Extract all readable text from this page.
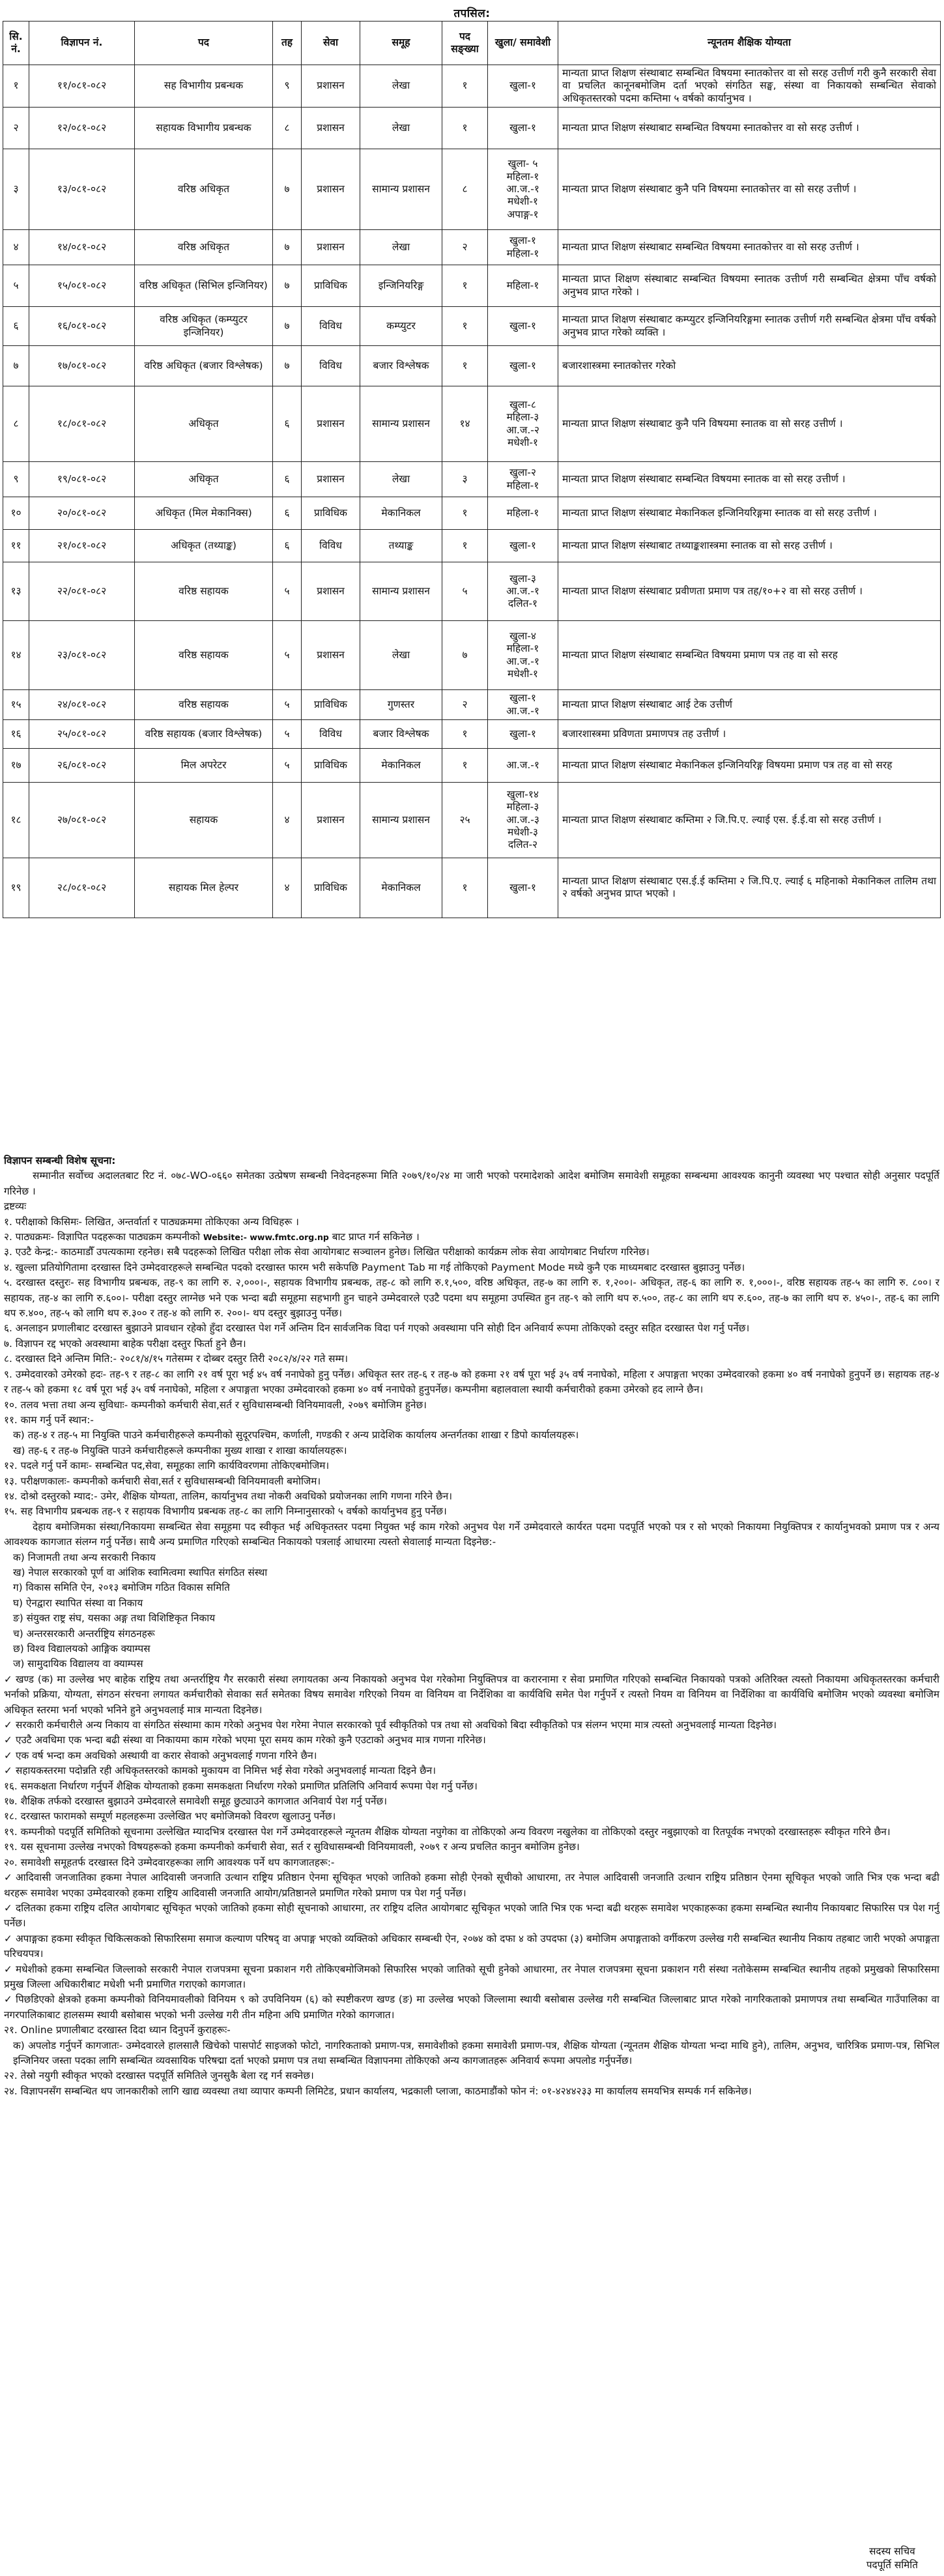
तपसिल:
सि. नं.	विज्ञापन नं.	पद	तह	सेवा	समूह	पद सङ्ख्या	खुला/ समावेशी	न्यूनतम शैक्षिक योग्यता
१	११/०८१-०८२	सह विभागीय प्रबन्धक	९	प्रशासन	लेखा	१	खुला-१	मान्यता प्राप्त शिक्षण संस्थाबाट सम्बन्धित विषयमा स्नातकोत्तर वा सो सरह उत्तीर्ण गरी कुनै सरकारी सेवा वा प्रचलित कानूनबमोजिम दर्ता भएको संगठित सङ्घ, संस्था वा निकायको सम्बन्धित सेवाको अधिकृतस्तरको पदमा कम्तिमा ५ वर्षको कार्यानुभव ।
२	१२/०८१-०८२	सहायक विभागीय प्रबन्धक	८	प्रशासन	लेखा	१	खुला-१	मान्यता प्राप्त शिक्षण संस्थाबाट सम्बन्धित विषयमा स्नातकोत्तर वा सो सरह उत्तीर्ण ।
३	१३/०८१-०८२	वरिष्ठ अधिकृत	७	प्रशासन	सामान्य प्रशासन	८	खुला- ५ महिला-१ आ.ज.-१ मधेशी-१ अपाङ्ग-१	मान्यता प्राप्त शिक्षण संस्थाबाट कुनै पनि विषयमा स्नातकोत्तर वा सो सरह उत्तीर्ण ।
४	१४/०८१-०८२	वरिष्ठ अधिकृत	७	प्रशासन	लेखा	२	खुला-१ महिला-१	मान्यता प्राप्त शिक्षण संस्थाबाट सम्बन्धित विषयमा स्नातकोत्तर वा सो सरह उत्तीर्ण ।
५	१५/०८१-०८२	वरिष्ठ अधिकृत (सिभिल इन्जिनियर)	७	प्राविधिक	इन्जिनियरिङ्ग	१	महिला-१	मान्यता प्राप्त शिक्षण संस्थाबाट सम्बन्धित विषयमा स्नातक उत्तीर्ण गरी सम्बन्धित क्षेत्रमा पाँच वर्षको अनुभव प्राप्त गरेको ।
६	१६/०८१-०८२	वरिष्ठ अधिकृत (कम्प्युटर इन्जिनियर)	७	विविध	कम्प्युटर	१	खुला-१	मान्यता प्राप्त शिक्षण संस्थाबाट कम्प्युटर इन्जिनियरिङ्गमा स्नातक उत्तीर्ण गरी सम्बन्धित क्षेत्रमा पाँच वर्षको अनुभव प्राप्त गरेको व्यक्ति ।
७	१७/०८१-०८२	वरिष्ठ अधिकृत (बजार विश्लेषक)	७	विविध	बजार विश्लेषक	१	खुला-१	बजारशास्त्रमा स्नातकोत्तर गरेको
८	१८/०८१-०८२	अधिकृत	६	प्रशासन	सामान्य प्रशासन	१४	खुला-८ महिला-३ आ.ज.-२ मधेशी-१	मान्यता प्राप्त शिक्षण संस्थाबाट कुनै पनि विषयमा स्नातक वा सो सरह उत्तीर्ण ।
९	१९/०८१-०८२	अधिकृत	६	प्रशासन	लेखा	३	खुला-२ महिला-१	मान्यता प्राप्त शिक्षण संस्थाबाट सम्बन्धित विषयमा स्नातक वा सो सरह उत्तीर्ण ।
१०	२०/०८१-०८२	अधिकृत (मिल मेकानिक्स)	६	प्राविधिक	मेकानिकल	१	महिला-१	मान्यता प्राप्त शिक्षण संस्थाबाट मेकानिकल इन्जिनियरिङ्गमा स्नातक वा सो सरह उत्तीर्ण ।
११	२१/०८१-०८२	अधिकृत (तथ्याङ्क)	६	विविध	तथ्याङ्क	१	खुला-१	मान्यता प्राप्त शिक्षण संस्थाबाट तथ्याङ्कशास्त्रमा स्नातक वा सो सरह उत्तीर्ण ।
१३	२२/०८१-०८२	वरिष्ठ सहायक	५	प्रशासन	सामान्य प्रशासन	५	खुला-३ आ.ज.-१ दलित-१	मान्यता प्राप्त शिक्षण संस्थाबाट प्रवीणता प्रमाण पत्र तह/१०+२ वा सो सरह उत्तीर्ण ।
१४	२३/०८१-०८२	वरिष्ठ सहायक	५	प्रशासन	लेखा	७	खुला-४ महिला-१ आ.ज.-१ मधेशी-१	मान्यता प्राप्त शिक्षण संस्थाबाट सम्बन्धित विषयमा प्रमाण पत्र तह वा सो सरह
१५	२४/०८१-०८२	वरिष्ठ सहायक	५	प्राविधिक	गुणस्तर	२	खुला-१ आ.ज.-१	मान्यता प्राप्त शिक्षण संस्थाबाट आई टेक उत्तीर्ण
१६	२५/०८१-०८२	वरिष्ठ सहायक (बजार विश्लेषक)	५	विविध	बजार विश्लेषक	१	खुला-१	बजारशास्त्रमा प्रविणता प्रमाणपत्र तह उत्तीर्ण ।
१७	२६/०८१-०८२	मिल अपरेटर	५	प्राविधिक	मेकानिकल	१	आ.ज.-१	मान्यता प्राप्त शिक्षण संस्थाबाट मेकानिकल इन्जिनियरिङ्ग विषयमा प्रमाण पत्र तह वा सो सरह
१८	२७/०८१-०८२	सहायक	४	प्रशासन	सामान्य प्रशासन	२५	खुला-१४ महिला-३ आ.ज.-३ मधेशी-३ दलित-२	मान्यता प्राप्त शिक्षण संस्थाबाट कम्तिमा २ जि.पि.ए. ल्याई एस. ई.ई.वा सो सरह उत्तीर्ण ।
१९	२८/०८१-०८२	सहायक मिल हेल्पर	४	प्राविधिक	मेकानिकल	१	खुला-१	मान्यता प्राप्त शिक्षण संस्थाबाट एस.ई.ई कम्तिमा २ जि.पि.ए. ल्याई ६ महिनाको मेकानिकल तालिम तथा २ वर्षको अनुभव प्राप्त भएको ।

विज्ञापन सम्बन्धी विशेष सूचना:

सम्मानीत सर्वोच्च अदालतबाट रिट नं. ०७८-WO-०६६० समेतका उत्प्रेषण सम्बन्धी निवेदनहरूमा मिति २०७९/१०/२४ मा जारी भएको परमादेशको आदेश बमोजिम समावेशी समूहका सम्बन्धमा आवश्यक कानुनी व्यवस्था भए पश्चात सोही अनुसार पदपूर्ति गरिनेछ ।

द्रष्टव्यः

१. परीक्षाको किसिमः- लिखित, अन्तर्वार्ता र पाठ्यक्रममा तोकिएका अन्य विधिहरू ।

२. पाठ्यक्रमः- विज्ञापित पदहरूका पाठ्यक्रम कम्पनीको Website:- www.fmtc.org.np बाट प्राप्त गर्न सकिनेछ ।

३. एउटै केन्द्र:- काठमाडौँ उपत्यकामा रहनेछ। सबै पदहरूको लिखित परीक्षा लोक सेवा आयोगबाट सञ्चालन हुनेछ। लिखित परीक्षाको कार्यक्रम लोक सेवा आयोगबाट निर्धारण गरिनेछ।

४. खुल्ला प्रतियोगितामा दरखास्त दिने उम्मेदवारहरूले सम्बन्धित पदको दरखास्त फारम भरी सकेपछि Payment Tab मा गई तोकिएको Payment Mode मध्ये कुनै एक माध्यमबाट दरखास्त बुझाउनु पर्नेछ।

५. दरखास्त दस्तुरः- सह विभागीय प्रबन्धक, तह-९ का लागि रु. २,०००।-, सहायक विभागीय प्रबन्धक, तह-८ को लागि रु.१,५००, वरिष्ठ अधिकृत, तह-७ का लागि रु. १,२००।- अधिकृत, तह-६ का लागि रु. १,०००।-, वरिष्ठ सहायक तह-५ का लागि रु. ८००। र सहायक, तह-४ का लागि रु.६००।- परीक्षा दस्तुर लाग्नेछ भने एक भन्दा बढी समूहमा सहभागी हुन चाहने उम्मेदवारले एउटै पदमा थप समूहमा उपस्थित हुन तह-९ को लागि थप रु.५००, तह-८ का लागि थप रु.६००, तह-७ का लागि थप रु. ४५०।-, तह-६ का लागि थप रु.४००, तह-५ को लागि थप रु.३०० र तह-४ को लागि रु. २००।- थप दस्तुर बुझाउनु पर्नेछ।

६. अनलाइन प्रणालीबाट दरखास्त बुझाउने प्रावधान रहेको हुँदा दरखास्त पेश गर्ने अन्तिम दिन सार्वजनिक विदा पर्न गएको अवस्थामा पनि सोही दिन अनिवार्य रूपमा तोकिएको दस्तुर सहित दरखास्त पेश गर्नु पर्नेछ।

७. विज्ञापन रद्द भएको अवस्थामा बाहेक परीक्षा दस्तुर फिर्ता हुने छैन।

८. दरखास्त दिने अन्तिम मिति:- २०८१/४/१५ गतेसम्म र दोब्बर दस्तुर तिरी २०८२/४/२२ गते सम्म।

९. उम्मेदवारको उमेरको हदः- तह-९ र तह-८ का लागि २१ वर्ष पूरा भई ४५ वर्ष ननाघेको हुनु पर्नेछ। अधिकृत स्तर तह-६ र तह-७ को हकमा २१ वर्ष पूरा भई ३५ वर्ष ननाघेको, महिला र अपाङ्गता भएका उम्मेदवारको हकमा ४० वर्ष ननाघेको हुनुपर्ने छ। सहायक तह-४ र तह-५ को हकमा १८ वर्ष पूरा भई ३५ वर्ष ननाघेको, महिला र अपाङ्गता भएका उम्मेदवारको हकमा ४० वर्ष ननाघेको हुनुपर्नेछ। कम्पनीमा बहालवाला स्थायी कर्मचारीको हकमा उमेरको हद लाग्ने छैन।

१०. तलव भत्ता तथा अन्य सुविधाः- कम्पनीको कर्मचारी सेवा,सर्त र सुविधासम्बन्धी विनियमावली, २०७९ बमोजिम हुनेछ।

११. काम गर्नु पर्ने स्थान:-

क) तह-४ र तह-५ मा नियुक्ति पाउने कर्मचारीहरूले कम्पनीको सुदूरपश्चिम, कर्णाली, गण्डकी र अन्य प्रादेशिक कार्यालय अन्तर्गतका शाखा र डिपो कार्यालयहरू।

ख) तह-६ र तह-७ नियुक्ति पाउने कर्मचारीहरूले कम्पनीका मुख्य शाखा र शाखा कार्यालयहरू।

१२. पदले गर्नु पर्ने कामः- सम्बन्धित पद,सेवा, समूहका लागि कार्यविवरणमा तोकिएबमोजिम।

१३. परीक्षणकालः- कम्पनीको कर्मचारी सेवा,सर्त र सुविधासम्बन्धी विनियमावली बमोजिम।

१४. दोश्रो दस्तुरको म्याद:- उमेर, शैक्षिक योग्यता, तालिम, कार्यानुभव तथा नोकरी अवधिको प्रयोजनका लागि गणना गरिने छैन।

१५. सह विभागीय प्रबन्धक तह-९ र सहायक विभागीय प्रबन्धक तह-८ का लागि निम्नानुसारको ५ वर्षको कार्यानुभव हुनु पर्नेछ।

देहाय बमोजिमका संस्था/निकायमा सम्बन्धित सेवा समूहमा पद स्वीकृत भई अधिकृतस्तर पदमा नियुक्त भई काम गरेको अनुभव पेश गर्ने उम्मेदवारले कार्यरत पदमा पदपूर्ति भएको पत्र र सो भएको निकायमा नियुक्तिपत्र र कार्यानुभवको प्रमाण पत्र र अन्य आवश्यक कागजात संलग्न गर्नु पर्नेछ। साथै अन्य प्रमाणित गरिएको सम्बन्धित निकायको पत्रलाई आधारमा त्यस्तो सेवालाई मान्यता दिइनेछ:-

क) निजामती तथा अन्य सरकारी निकाय

ख) नेपाल सरकारको पूर्ण वा आंशिक स्वामित्वमा स्थापित संगठित संस्था

ग) विकास समिति ऐन, २०१३ बमोजिम गठित विकास समिति

घ) ऐनद्वारा स्थापित संस्था वा निकाय

ङ) संयुक्त राष्ट्र संघ, यसका अङ्ग तथा विशिष्टिकृत निकाय

च) अन्तरसरकारी अन्तर्राष्ट्रिय संगठनहरू

छ) विश्व विद्यालयको आङ्गिक क्याम्पस

ज) सामुदायिक विद्यालय वा क्याम्पस

✓ खण्ड (क) मा उल्लेख भए बाहेक राष्ट्रिय तथा अन्तर्राष्ट्रिय गैर सरकारी संस्था लगायतका अन्य निकायको अनुभव पेश गरेकोमा नियुक्तिपत्र वा करारनामा र सेवा प्रमाणित गरिएको सम्बन्धित निकायको पत्रको अतिरिक्त त्यस्तो निकायमा अधिकृतस्तरका कर्मचारी भर्नाको प्रक्रिया, योग्यता, संगठन संरचना लगायत कर्मचारीको सेवाका सर्त समेतका विषय समावेश गरिएको नियम वा विनियम वा निर्देशिका वा कार्यविधि समेत पेश गर्नुपर्ने र त्यस्तो नियम वा विनियम वा निर्देशिका वा कार्यविधि बमोजिम भएको व्यवस्था बमोजिम अधिकृत स्तरमा भर्ना भएको भनिने हुने अनुभवलाई मात्र मान्यता दिइनेछ।

✓ सरकारी कर्मचारीले अन्य निकाय वा संगठित संस्थामा काम गरेको अनुभव पेश गरेमा नेपाल सरकारको पूर्व स्वीकृतिको पत्र तथा सो अवधिको बिदा स्वीकृतिको पत्र संलग्न भएमा मात्र त्यस्तो अनुभवलाई मान्यता दिइनेछ।

✓ एउटै अवधिमा एक भन्दा बढी संस्था वा निकायमा काम गरेको भएमा पूरा समय काम गरेको कुनै एउटाको अनुभव मात्र गणना गरिनेछ।

✓ एक वर्ष भन्दा कम अवधिको अस्थायी वा करार सेवाको अनुभवलाई गणना गरिने छैन।

✓ सहायकस्तरमा पदोन्नति रही अधिकृतस्तरको कामको मुकायम वा निमित्त भई सेवा गरेको अनुभवलाई मान्यता दिइने छैन।

१६. समकक्षता निर्धारण गर्नुपर्ने शैक्षिक योग्यताको हकमा समकक्षता निर्धारण गरेको प्रमाणित प्रतिलिपि अनिवार्य रूपमा पेश गर्नु पर्नेछ।

१७. शैक्षिक तर्फको दरखास्त बुझाउने उम्मेदवारले समावेशी समूह छुट्याउने कागजात अनिवार्य पेश गर्नु पर्नेछ।

१८. दरखास्त फारामको सम्पूर्ण महलहरूमा उल्लेखित भए बमोजिमको विवरण खुलाउनु पर्नेछ।

१९. कम्पनीको पदपूर्ति समितिको सूचनामा उल्लेखित म्यादभित्र दरखास्त पेश गर्ने उम्मेदवारहरूले न्यूनतम शैक्षिक योग्यता नपुगेका वा तोकिएको अन्य विवरण नखुलेका वा तोकिएको दस्तुर नबुझाएको वा रितपूर्वक नभएको दरखास्तहरू स्वीकृत गरिने छैन।

१९. यस सूचनामा उल्लेख नभएको विषयहरूको हकमा कम्पनीको कर्मचारी सेवा, सर्त र सुविधासम्बन्धी विनियमावली, २०७९ र अन्य प्रचलित कानुन बमोजिम हुनेछ।

२०. समावेशी समूहतर्फ दरखास्त दिने उम्मेदवारहरूका लागि आवश्यक पर्ने थप कागजातहरू:-

✓ आदिवासी जनजातिका हकमा नेपाल आदिवासी जनजाति उत्थान राष्ट्रिय प्रतिष्ठान ऐनमा सूचिकृत भएको जातिको हकमा सोही ऐनको सूचीको आधारमा, तर नेपाल आदिवासी जनजाति उत्थान राष्ट्रिय प्रतिष्ठान ऐनमा सूचिकृत भएको जाति भित्र एक भन्दा बढी थरहरू समावेश भएका उम्मेदवारको हकमा राष्ट्रिय आदिवासी जनजाति आयोग/प्रतिष्ठानले प्रमाणित गरेको प्रमाण पत्र पेश गर्नु पर्नेछ।

✓ दलितका हकमा राष्ट्रिय दलित आयोगबाट सूचिकृत भएको जातिको हकमा सोही सूचनाको आधारमा, तर राष्ट्रिय दलित आयोगबाट सूचिकृत भएको जाति भित्र एक भन्दा बढी थरहरू समावेश भएकाहरूका हकमा सम्बन्धित स्थानीय निकायबाट सिफारिस पत्र पेश गर्नु पर्नेछ।

✓ अपाङ्गका हकमा स्वीकृत चिकित्सकको सिफारिसमा समाज कल्याण परिषद् वा अपाङ्ग भएको व्यक्तिको अधिकार सम्बन्धी ऐन, २०७४ को दफा ४ को उपदफा (३) बमोजिम अपाङ्गताको वर्गीकरण उल्लेख गरी सम्बन्धित स्थानीय निकाय तहबाट जारी भएको अपाङ्गता परिचयपत्र।

✓ मधेशीको हकमा सम्बन्धित जिल्लाको सरकारी नेपाल राजपत्रमा सूचना प्रकाशन गरी तोकिएबमोजिमको सिफारिस भएको जातिको सूची हुनेको आधारमा, तर नेपाल राजपत्रमा सूचना प्रकाशन गरी संस्था नतोकेसम्म सम्बन्धित स्थानीय तहको प्रमुखको सिफारिसमा प्रमुख जिल्ला अधिकारीबाट मधेशी भनी प्रमाणित गराएको कागजात।

✓ पिछडिएको क्षेत्रको हकमा कम्पनीको विनियमावलीको विनियम ९ को उपविनियम (६) को स्पष्टीकरण खण्ड (ङ) मा उल्लेख भएको जिल्लामा स्थायी बसोबास उल्लेख गरी सम्बन्धित जिल्लाबाट प्राप्त गरेको नागरिकताको प्रमाणपत्र तथा सम्बन्धित गाउँपालिका वा नगरपालिकाबाट हालसम्म स्थायी बसोबास भएको भनी उल्लेख गरी तीन महिना अघि प्रमाणित गरेको कागजात।

२१. Online प्रणालीबाट दरखास्त दिदा ध्यान दिनुपर्ने कुराहरूः-

क) अपलोड गर्नुपर्ने कागजातः- उम्मेदवारले हालसालै खिचेको पासपोर्ट साइजको फोटो, नागरिकताको प्रमाण-पत्र, समावेशीको हकमा समावेशी प्रमाण-पत्र, शैक्षिक योग्यता (न्यूनतम शैक्षिक योग्यता भन्दा माथि हुने), तालिम, अनुभव, चारित्रिक प्रमाण-पत्र, सिभिल इन्जिनियर जस्ता पदका लागि सम्बन्धित व्यवसायिक परिषद्मा दर्ता भएको प्रमाण पत्र तथा सम्बन्धित विज्ञापनमा तोकिएको अन्य कागजातहरू अनिवार्य रूपमा अपलोड गर्नुपर्नेछ।

२२. तेस्रो नयुगी स्वीकृत भएको दरखास्त पदपूर्ति समितिले जुनसुकै बेला रद्द गर्न सक्नेछ।

२४. विज्ञापनसँग सम्बन्धित थप जानकारीको लागि खाद्य व्यवस्था तथा व्यापार कम्पनी लिमिटेड, प्रधान कार्यालय, भद्रकाली प्लाजा, काठमाडौंको फोन नं: ०१-४२४४२३३ मा कार्यालय समयभित्र सम्पर्क गर्न सकिनेछ।

सदस्य सचिव
पदपूर्ति समिति
